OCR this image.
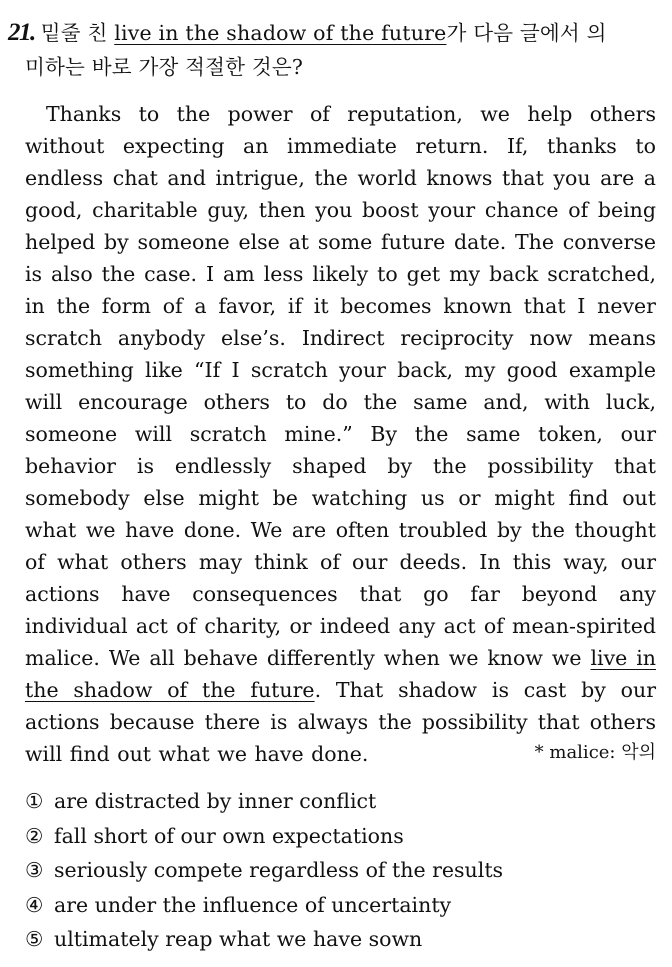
21. 밑줄 친 live in the shadow of the future가 다음 글에서 의
미하는 바로 가장 적절한 것은?
Thanks to the power of reputation, we help others without expecting an immediate return. If, thanks to endless chat and intrigue, the world knows that you are a good, charitable guy, then you boost your chance of being helped by someone else at some future date. The converse is also the case. I am less likely to get my back scratched, in the form of a favor, if it becomes known that I never scratch anybody else’s. Indirect reciprocity now means something like “If I scratch your back, my good example will encourage others to do the same and, with luck, someone will scratch mine.” By the same token, our behavior is endlessly shaped by the possibility that somebody else might be watching us or might find out what we have done. We are often troubled by the thought of what others may think of our deeds. In this way, our actions have consequences that go far beyond any individual act of charity, or indeed any act of mean-spirited malice. We all behave differently when we know we live in the shadow of the future. That shadow is cast by our actions because there is always the possibility that others will find out what we have done.	* malice: 악의
① are distracted by inner conflict
② fall short of our own expectations
③ seriously compete regardless of the results
④ are under the influence of uncertainty
⑤ ultimately reap what we have sown
